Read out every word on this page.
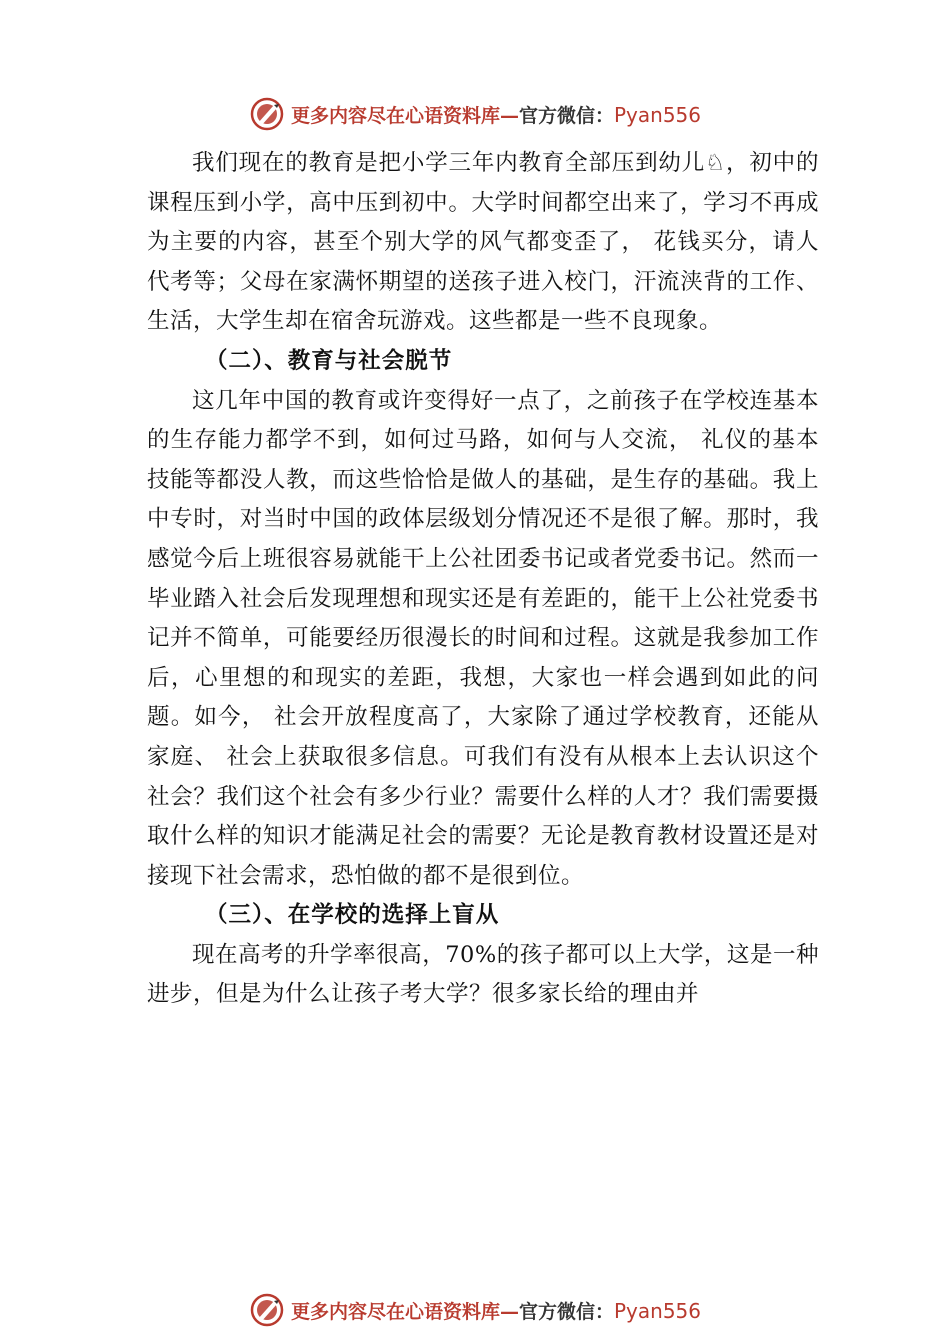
更多内容尽在心语资料库—官方微信：Pyan556

我们现在的教育是把小学三年内教育全部压到幼儿♘，初中的课程压到小学，高中压到初中。大学时间都空出来了，学习不再成为主要的内容，甚至个别大学的风气都变歪了， 花钱买分，请人代考等；父母在家满怀期望的送孩子进入校门，汗流浃背的工作、生活，大学生却在宿舍玩游戏。这些都是一些不良现象。

（二）、教育与社会脱节

这几年中国的教育或许变得好一点了，之前孩子在学校连基本的生存能力都学不到，如何过马路，如何与人交流， 礼仪的基本技能等都没人教，而这些恰恰是做人的基础，是生存的基础。我上中专时，对当时中国的政体层级划分情况还不是很了解。那时，我感觉今后上班很容易就能干上公社团委书记或者党委书记。然而一毕业踏入社会后发现理想和现实还是有差距的，能干上公社党委书记并不简单，可能要经历很漫长的时间和过程。这就是我参加工作后，心里想的和现实的差距，我想，大家也一样会遇到如此的问题。如今， 社会开放程度高了，大家除了通过学校教育，还能从家庭、 社会上获取很多信息。可我们有没有从根本上去认识这个社会？我们这个社会有多少行业？需要什么样的人才？我们需要摄取什么样的知识才能满足社会的需要？无论是教育教材设置还是对接现下社会需求，恐怕做的都不是很到位。

（三）、在学校的选择上盲从

现在高考的升学率很高，70%的孩子都可以上大学，这是一种进步，但是为什么让孩子考大学？很多家长给的理由并

更多内容尽在心语资料库—官方微信：Pyan556
